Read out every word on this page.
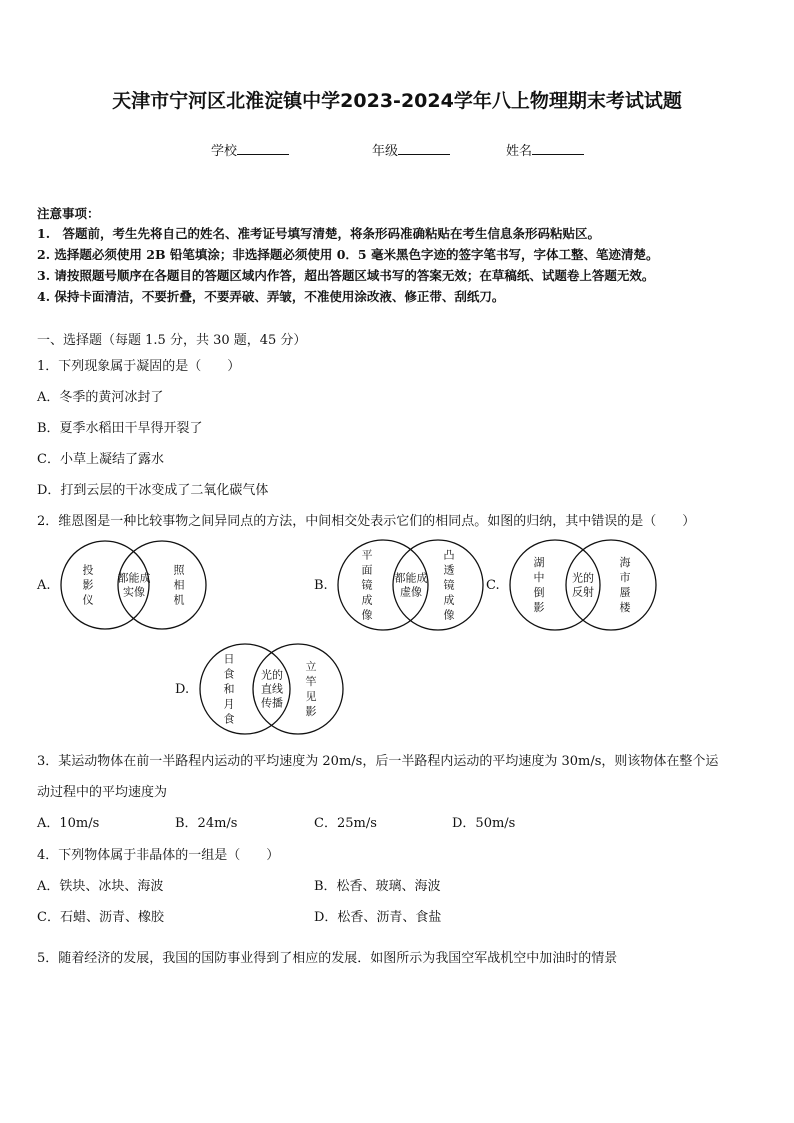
天津市宁河区北淮淀镇中学2023-2024学年八上物理期末考试试题
学校	年级	姓名
注意事项：
1.　答题前，考生先将自己的姓名、准考证号填写清楚，将条形码准确粘贴在考生信息条形码粘贴区。
2. 选择题必须使用 2B 铅笔填涂；非选择题必须使用 0．5 毫米黑色字迹的签字笔书写，字体工整、笔迹清楚。
3. 请按照题号顺序在各题目的答题区域内作答，超出答题区域书写的答案无效；在草稿纸、试题卷上答题无效。
4. 保持卡面清洁，不要折叠，不要弄破、弄皱，不准使用涂改液、修正带、刮纸刀。
一、选择题（每题 1.5 分，共 30 题，45 分）
1．下列现象属于凝固的是（　　）
A．冬季的黄河冰封了
B．夏季水稻田干旱得开裂了
C．小草上凝结了露水
D．打到云层的干冰变成了二氧化碳气体
2．维恩图是一种比较事物之间异同点的方法，中间相交处表示它们的相同点。如图的归纳，其中错误的是（　　）
A.
投
影
仪
照
相
机
都能成
实像	B.
平
面
镜
成
像
凸
透
镜
成
像
都能成
虚像	C.
湖
中
倒
影
海
市
蜃
楼
光的
反射
D.
日
食
和
月
食
立
竿
见
影
光的
直线
传播
3．某运动物体在前一半路程内运动的平均速度为 20m/s，后一半路程内运动的平均速度为 30m/s，则该物体在整个运
动过程中的平均速度为
A．10m/s	B．24m/s	C．25m/s	D．50m/s
4．下列物体属于非晶体的一组是（　　）
A．铁块、冰块、海波	B．松香、玻璃、海波
C．石蜡、沥青、橡胶	D．松香、沥青、食盐
5．随着经济的发展，我国的国防事业得到了相应的发展．如图所示为我国空军战机空中加油时的情景
